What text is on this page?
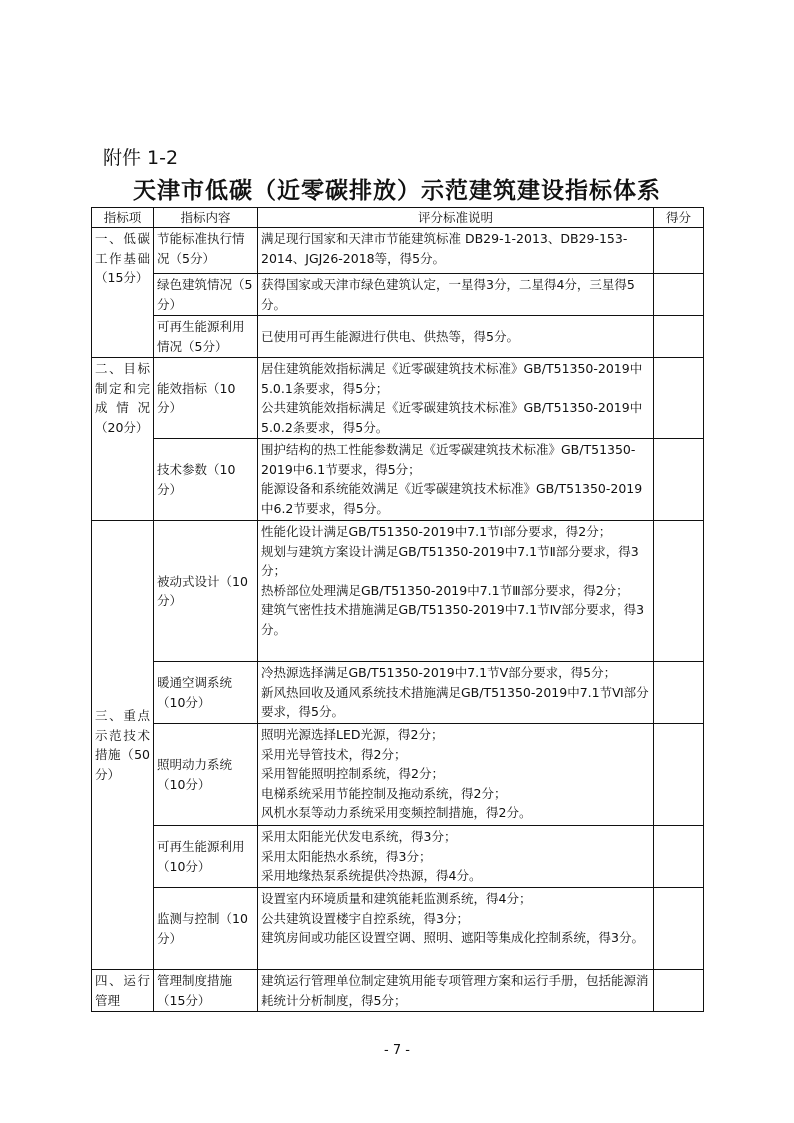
附件 1-2
天津市低碳（近零碳排放）示范建筑建设指标体系
指标项	指标内容	评分标准说明	得分
一、低碳工作基础（15分）	节能标准执行情况（5分）	满足现行国家和天津市节能建筑标准 DB29-1-2013、DB29-153-2014、JGJ26-2018等，得5分。	

	绿色建筑情况（5分）	获得国家或天津市绿色建筑认定，一星得3分，二星得4分，三星得5分。	

	可再生能源利用情况（5分）	已使用可再生能源进行供电、供热等，得5分。	

二、目标制定和完成情况（20分）	能效指标（10分）	居住建筑能效指标满足《近零碳建筑技术标准》GB/T51350-2019中5.0.1条要求，得5分；
公共建筑能效指标满足《近零碳建筑技术标准》GB/T51350-2019中5.0.2条要求，得5分。	

	技术参数（10分）	围护结构的热工性能参数满足《近零碳建筑技术标准》GB/T51350-2019中6.1节要求，得5分；
能源设备和系统能效满足《近零碳建筑技术标准》GB/T51350-2019中6.2节要求，得5分。	

三、重点示范技术措施（50分）	被动式设计（10分）	性能化设计满足GB/T51350-2019中7.1节Ⅰ部分要求，得2分；
规划与建筑方案设计满足GB/T51350-2019中7.1节Ⅱ部分要求，得3分；
热桥部位处理满足GB/T51350-2019中7.1节Ⅲ部分要求，得2分；
建筑气密性技术措施满足GB/T51350-2019中7.1节Ⅳ部分要求，得3分。	

	暖通空调系统（10分）	冷热源选择满足GB/T51350-2019中7.1节Ⅴ部分要求，得5分；
新风热回收及通风系统技术措施满足GB/T51350-2019中7.1节Ⅵ部分要求，得5分。	

	照明动力系统（10分）	照明光源选择LED光源，得2分；
采用光导管技术，得2分；
采用智能照明控制系统，得2分；
电梯系统采用节能控制及拖动系统，得2分；
风机水泵等动力系统采用变频控制措施，得2分。	

	可再生能源利用（10分）	采用太阳能光伏发电系统，得3分；
采用太阳能热水系统，得3分；
采用地缘热泵系统提供冷热源，得4分。	

	监测与控制（10分）	设置室内环境质量和建筑能耗监测系统，得4分；
公共建筑设置楼宇自控系统，得3分；
建筑房间或功能区设置空调、照明、遮阳等集成化控制系统，得3分。	

四、运行管理	管理制度措施（15分）	建筑运行管理单位制定建筑用能专项管理方案和运行手册，包括能源消耗统计分析制度，得5分；	

- 7 -
